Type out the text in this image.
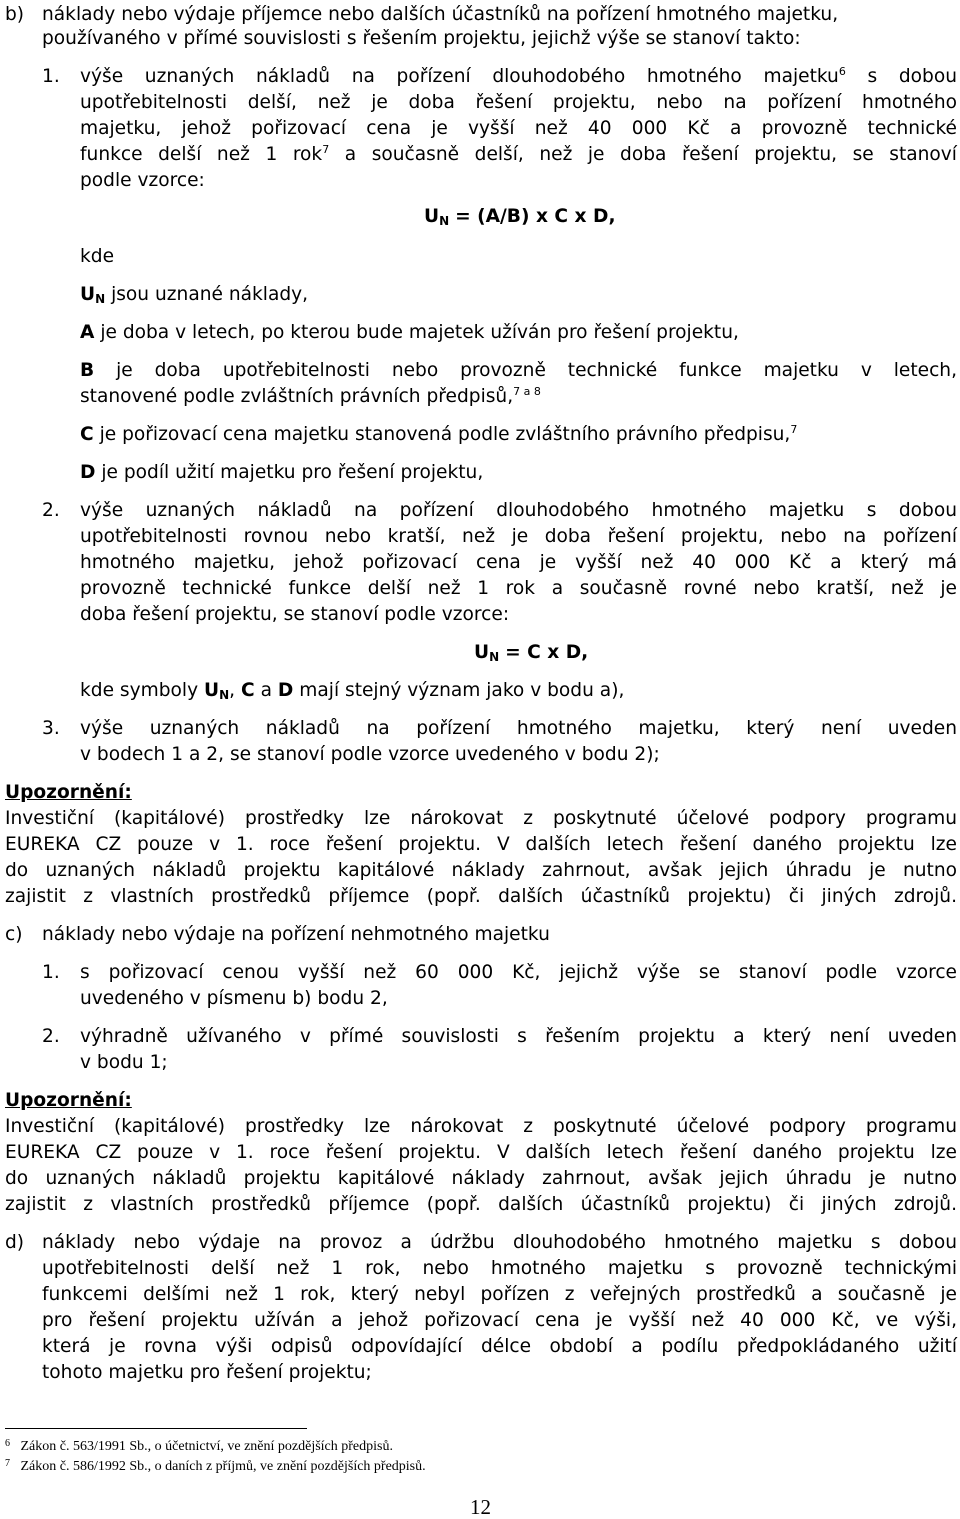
b) náklady nebo výdaje příjemce nebo dalších účastníků na pořízení hmotného majetku,
používaného v přímé souvislosti s řešením projektu, jejichž výše se stanoví takto:
1. výše uznaných nákladů na pořízení dlouhodobého hmotného majetku$^6$ s dobou
upotřebitelnosti delší, než je doba řešení projektu, nebo na pořízení hmotného
majetku, jehož pořizovací cena je vyšší než 40 000 Kč a provozně technické
funkce delší než 1 rok$^7$ a současně delší, než je doba řešení projektu, se stanoví
podle vzorce:
$U_N = (A/B)$ x C x D,
kde
$U_N$ jsou uznané náklady,
A je doba v letech, po kterou bude majetek užíván pro řešení projektu,
B je doba upotřebitelnosti nebo provozně technické funkce majetku v letech,
stanovené podle zvláštních právních předpisů,$^{7 a 8}$
C je pořizovací cena majetku stanovená podle zvláštního právního předpisu,$^7$
D je podíl užití majetku pro řešení projektu,
2. výše uznaných nákladů na pořízení dlouhodobého hmotného majetku s dobou
upotřebitelnosti rovnou nebo kratší, než je doba řešení projektu, nebo na pořízení
hmotného majetku, jehož pořizovací cena je vyšší než 40 000 Kč a který má
provozně technické funkce delší než 1 rok a současně rovné nebo kratší, než je
doba řešení projektu, se stanoví podle vzorce:
$U_N = C$ x D,
kde symboly $U_N$, C a D mají stejný význam jako v bodu a),
3. výše uznaných nákladů na pořízení hmotného majetku, který není uveden
v bodech 1 a 2, se stanoví podle vzorce uvedeného v bodu 2);
Upozornění:
Investiční (kapitálové) prostředky lze nárokovat z poskytnuté účelové podpory programu
EUREKA CZ pouze v 1. roce řešení projektu. V dalších letech řešení daného projektu lze
do uznaných nákladů projektu kapitálové náklady zahrnout, avšak jejich úhradu je nutno
zajistit z vlastních prostředků příjemce (popř. dalších účastníků projektu) či jiných zdrojů.
c) náklady nebo výdaje na pořízení nehmotného majetku
1. s pořizovací cenou vyšší než 60 000 Kč, jejichž výše se stanoví podle vzorce
uvedeného v písmenu b) bodu 2,
2. výhradně užívaného v přímé souvislosti s řešením projektu a který není uveden
v bodu 1;
Upozornění:
Investiční (kapitálové) prostředky lze nárokovat z poskytnuté účelové podpory programu
EUREKA CZ pouze v 1. roce řešení projektu. V dalších letech řešení daného projektu lze
do uznaných nákladů projektu kapitálové náklady zahrnout, avšak jejich úhradu je nutno
zajistit z vlastních prostředků příjemce (popř. dalších účastníků projektu) či jiných zdrojů.
d) náklady nebo výdaje na provoz a údržbu dlouhodobého hmotného majetku s dobou
upotřebitelnosti delší než 1 rok, nebo hmotného majetku s provozně technickými
funkcemi delšími než 1 rok, který nebyl pořízen z veřejných prostředků a současně je
pro řešení projektu užíván a jehož pořizovací cena je vyšší než 40 000 Kč, ve výši,
která je rovna výši odpisů odpovídající délce období a podílu předpokládaného užití
tohoto majetku pro řešení projektu;
$^6$ Zákon č. 563/1991 Sb., o účetnictví, ve znění pozdějších předpisů.
$^7$ Zákon č. 586/1992 Sb., o daních z příjmů, ve znění pozdějších předpisů.
12
